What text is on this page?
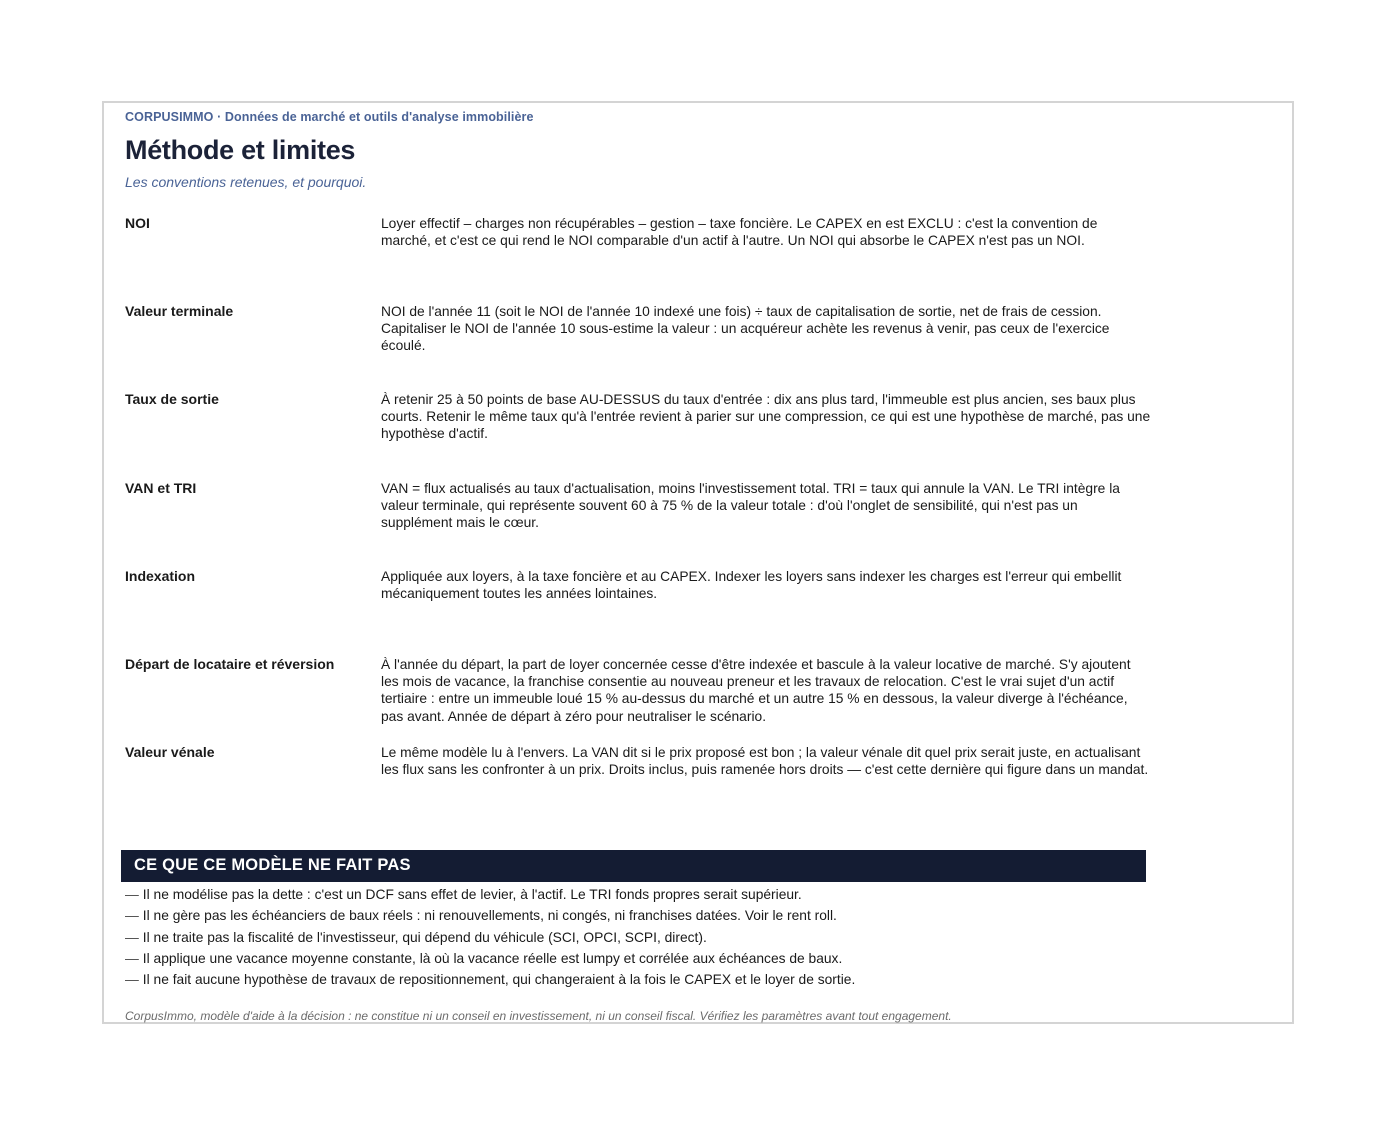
CORPUSIMMO · Données de marché et outils d'analyse immobilière
Méthode et limites
Les conventions retenues, et pourquoi.
NOI	Loyer effectif – charges non récupérables – gestion – taxe foncière. Le CAPEX en est EXCLU : c'est la convention de marché, et c'est ce qui rend le NOI comparable d'un actif à l'autre. Un NOI qui absorbe le CAPEX n'est pas un NOI.
Valeur terminale	NOI de l'année 11 (soit le NOI de l'année 10 indexé une fois) ÷ taux de capitalisation de sortie, net de frais de cession. Capitaliser le NOI de l'année 10 sous-estime la valeur : un acquéreur achète les revenus à venir, pas ceux de l'exercice écoulé.
Taux de sortie	À retenir 25 à 50 points de base AU-DESSUS du taux d'entrée : dix ans plus tard, l'immeuble est plus ancien, ses baux plus courts. Retenir le même taux qu'à l'entrée revient à parier sur une compression, ce qui est une hypothèse de marché, pas une hypothèse d'actif.
VAN et TRI	VAN = flux actualisés au taux d'actualisation, moins l'investissement total. TRI = taux qui annule la VAN. Le TRI intègre la valeur terminale, qui représente souvent 60 à 75 % de la valeur totale : d'où l'onglet de sensibilité, qui n'est pas un supplément mais le cœur.
Indexation	Appliquée aux loyers, à la taxe foncière et au CAPEX. Indexer les loyers sans indexer les charges est l'erreur qui embellit mécaniquement toutes les années lointaines.
Départ de locataire et réversion	À l'année du départ, la part de loyer concernée cesse d'être indexée et bascule à la valeur locative de marché. S'y ajoutent les mois de vacance, la franchise consentie au nouveau preneur et les travaux de relocation. C'est le vrai sujet d'un actif tertiaire : entre un immeuble loué 15 % au-dessus du marché et un autre 15 % en dessous, la valeur diverge à l'échéance, pas avant. Année de départ à zéro pour neutraliser le scénario.
Valeur vénale	Le même modèle lu à l'envers. La VAN dit si le prix proposé est bon ; la valeur vénale dit quel prix serait juste, en actualisant les flux sans les confronter à un prix. Droits inclus, puis ramenée hors droits — c'est cette dernière qui figure dans un mandat.
CE QUE CE MODÈLE NE FAIT PAS
— Il ne modélise pas la dette : c'est un DCF sans effet de levier, à l'actif. Le TRI fonds propres serait supérieur.
— Il ne gère pas les échéanciers de baux réels : ni renouvellements, ni congés, ni franchises datées. Voir le rent roll.
— Il ne traite pas la fiscalité de l'investisseur, qui dépend du véhicule (SCI, OPCI, SCPI, direct).
— Il applique une vacance moyenne constante, là où la vacance réelle est lumpy et corrélée aux échéances de baux.
— Il ne fait aucune hypothèse de travaux de repositionnement, qui changeraient à la fois le CAPEX et le loyer de sortie.
CorpusImmo, modèle d'aide à la décision : ne constitue ni un conseil en investissement, ni un conseil fiscal. Vérifiez les paramètres avant tout engagement.
